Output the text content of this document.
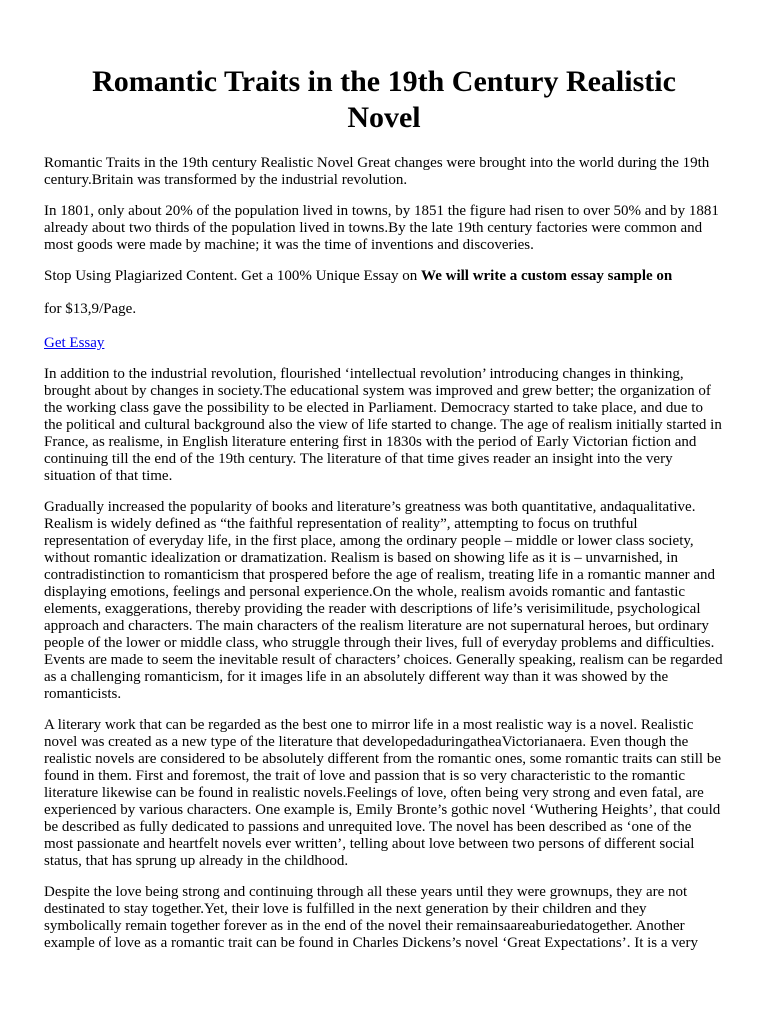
Romantic Traits in the 19th Century Realistic Novel

Romantic Traits in the 19th century Realistic Novel Great changes were brought into the world during the 19th century.Britain was transformed by the industrial revolution.

In 1801, only about 20% of the population lived in towns, by 1851 the figure had risen to over 50% and by 1881 already about two thirds of the population lived in towns.By the late 19th century factories were common and most goods were made by machine; it was the time of inventions and discoveries.

Stop Using Plagiarized Content. Get a 100% Unique Essay on We will write a custom essay sample on

for $13,9/Page.

Get Essay

In addition to the industrial revolution, flourished ‘intellectual revolution’ introducing changes in thinking, brought about by changes in society.The educational system was improved and grew better; the organization of the working class gave the possibility to be elected in Parliament. Democracy started to take place, and due to the political and cultural background also the view of life started to change. The age of realism initially started in France, as realisme, in English literature entering first in 1830s with the period of Early Victorian fiction and continuing till the end of the 19th century. The literature of that time gives reader an insight into the very situation of that time.

Gradually increased the popularity of books and literature’s greatness was both quantitative, andaqualitative. Realism is widely defined as “the faithful representation of reality”, attempting to focus on truthful representation of everyday life, in the first place, among the ordinary people – middle or lower class society, without romantic idealization or dramatization. Realism is based on showing life as it is – unvarnished, in contradistinction to romanticism that prospered before the age of realism, treating life in a romantic manner and displaying emotions, feelings and personal experience.On the whole, realism avoids romantic and fantastic elements, exaggerations, thereby providing the reader with descriptions of life’s verisimilitude, psychological approach and characters. The main characters of the realism literature are not supernatural heroes, but ordinary people of the lower or middle class, who struggle through their lives, full of everyday problems and difficulties. Events are made to seem the inevitable result of characters’ choices. Generally speaking, realism can be regarded as a challenging romanticism, for it images life in an absolutely different way than it was showed by the romanticists.

A literary work that can be regarded as the best one to mirror life in a most realistic way is a novel. Realistic novel was created as a new type of the literature that developedaduringatheaVictorianaera. Even though the realistic novels are considered to be absolutely different from the romantic ones, some romantic traits can still be found in them. First and foremost, the trait of love and passion that is so very characteristic to the romantic literature likewise can be found in realistic novels.Feelings of love, often being very strong and even fatal, are experienced by various characters. One example is, Emily Bronte’s gothic novel ‘Wuthering Heights’, that could be described as fully dedicated to passions and unrequited love. The novel has been described as ‘one of the most passionate and heartfelt novels ever written’, telling about love between two persons of different social status, that has sprung up already in the childhood.

Despite the love being strong and continuing through all these years until they were grownups, they are not destinated to stay together.Yet, their love is fulfilled in the next generation by their children and they symbolically remain together forever as in the end of the novel their remainsaareaburiedatogether. Another example of love as a romantic trait can be found in Charles Dickens’s novel ‘Great Expectations’. It is a very
